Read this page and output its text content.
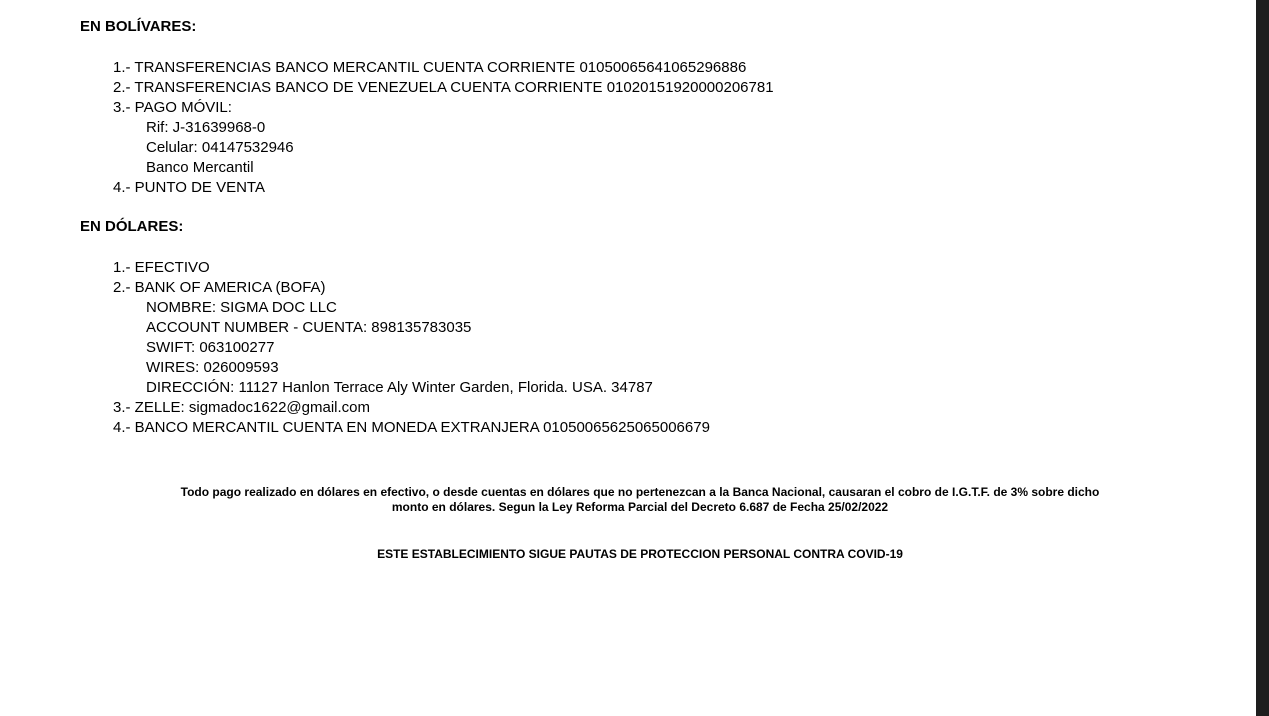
EN BOLÍVARES:
1.- TRANSFERENCIAS BANCO MERCANTIL CUENTA CORRIENTE 01050065641065296886
2.- TRANSFERENCIAS BANCO DE VENEZUELA CUENTA CORRIENTE 01020151920000206781
3.- PAGO MÓVIL:
Rif: J-31639968-0
Celular: 04147532946
Banco Mercantil
4.- PUNTO DE VENTA
EN DÓLARES:
1.- EFECTIVO
2.- BANK OF AMERICA (BOFA)
NOMBRE: SIGMA DOC LLC
ACCOUNT NUMBER - CUENTA: 898135783035
SWIFT: 063100277
WIRES: 026009593
DIRECCIÓN: 11127 Hanlon Terrace Aly Winter Garden, Florida. USA. 34787
3.- ZELLE: sigmadoc1622@gmail.com
4.- BANCO MERCANTIL CUENTA EN MONEDA EXTRANJERA 01050065625065006679

Todo pago realizado en dólares en efectivo, o desde cuentas en dólares que no pertenezcan a la Banca Nacional, causaran el cobro de I.G.T.F. de 3% sobre dicho

monto en dólares. Segun la Ley Reforma Parcial del Decreto 6.687 de Fecha 25/02/2022

ESTE ESTABLECIMIENTO SIGUE PAUTAS DE PROTECCION PERSONAL CONTRA COVID-19
